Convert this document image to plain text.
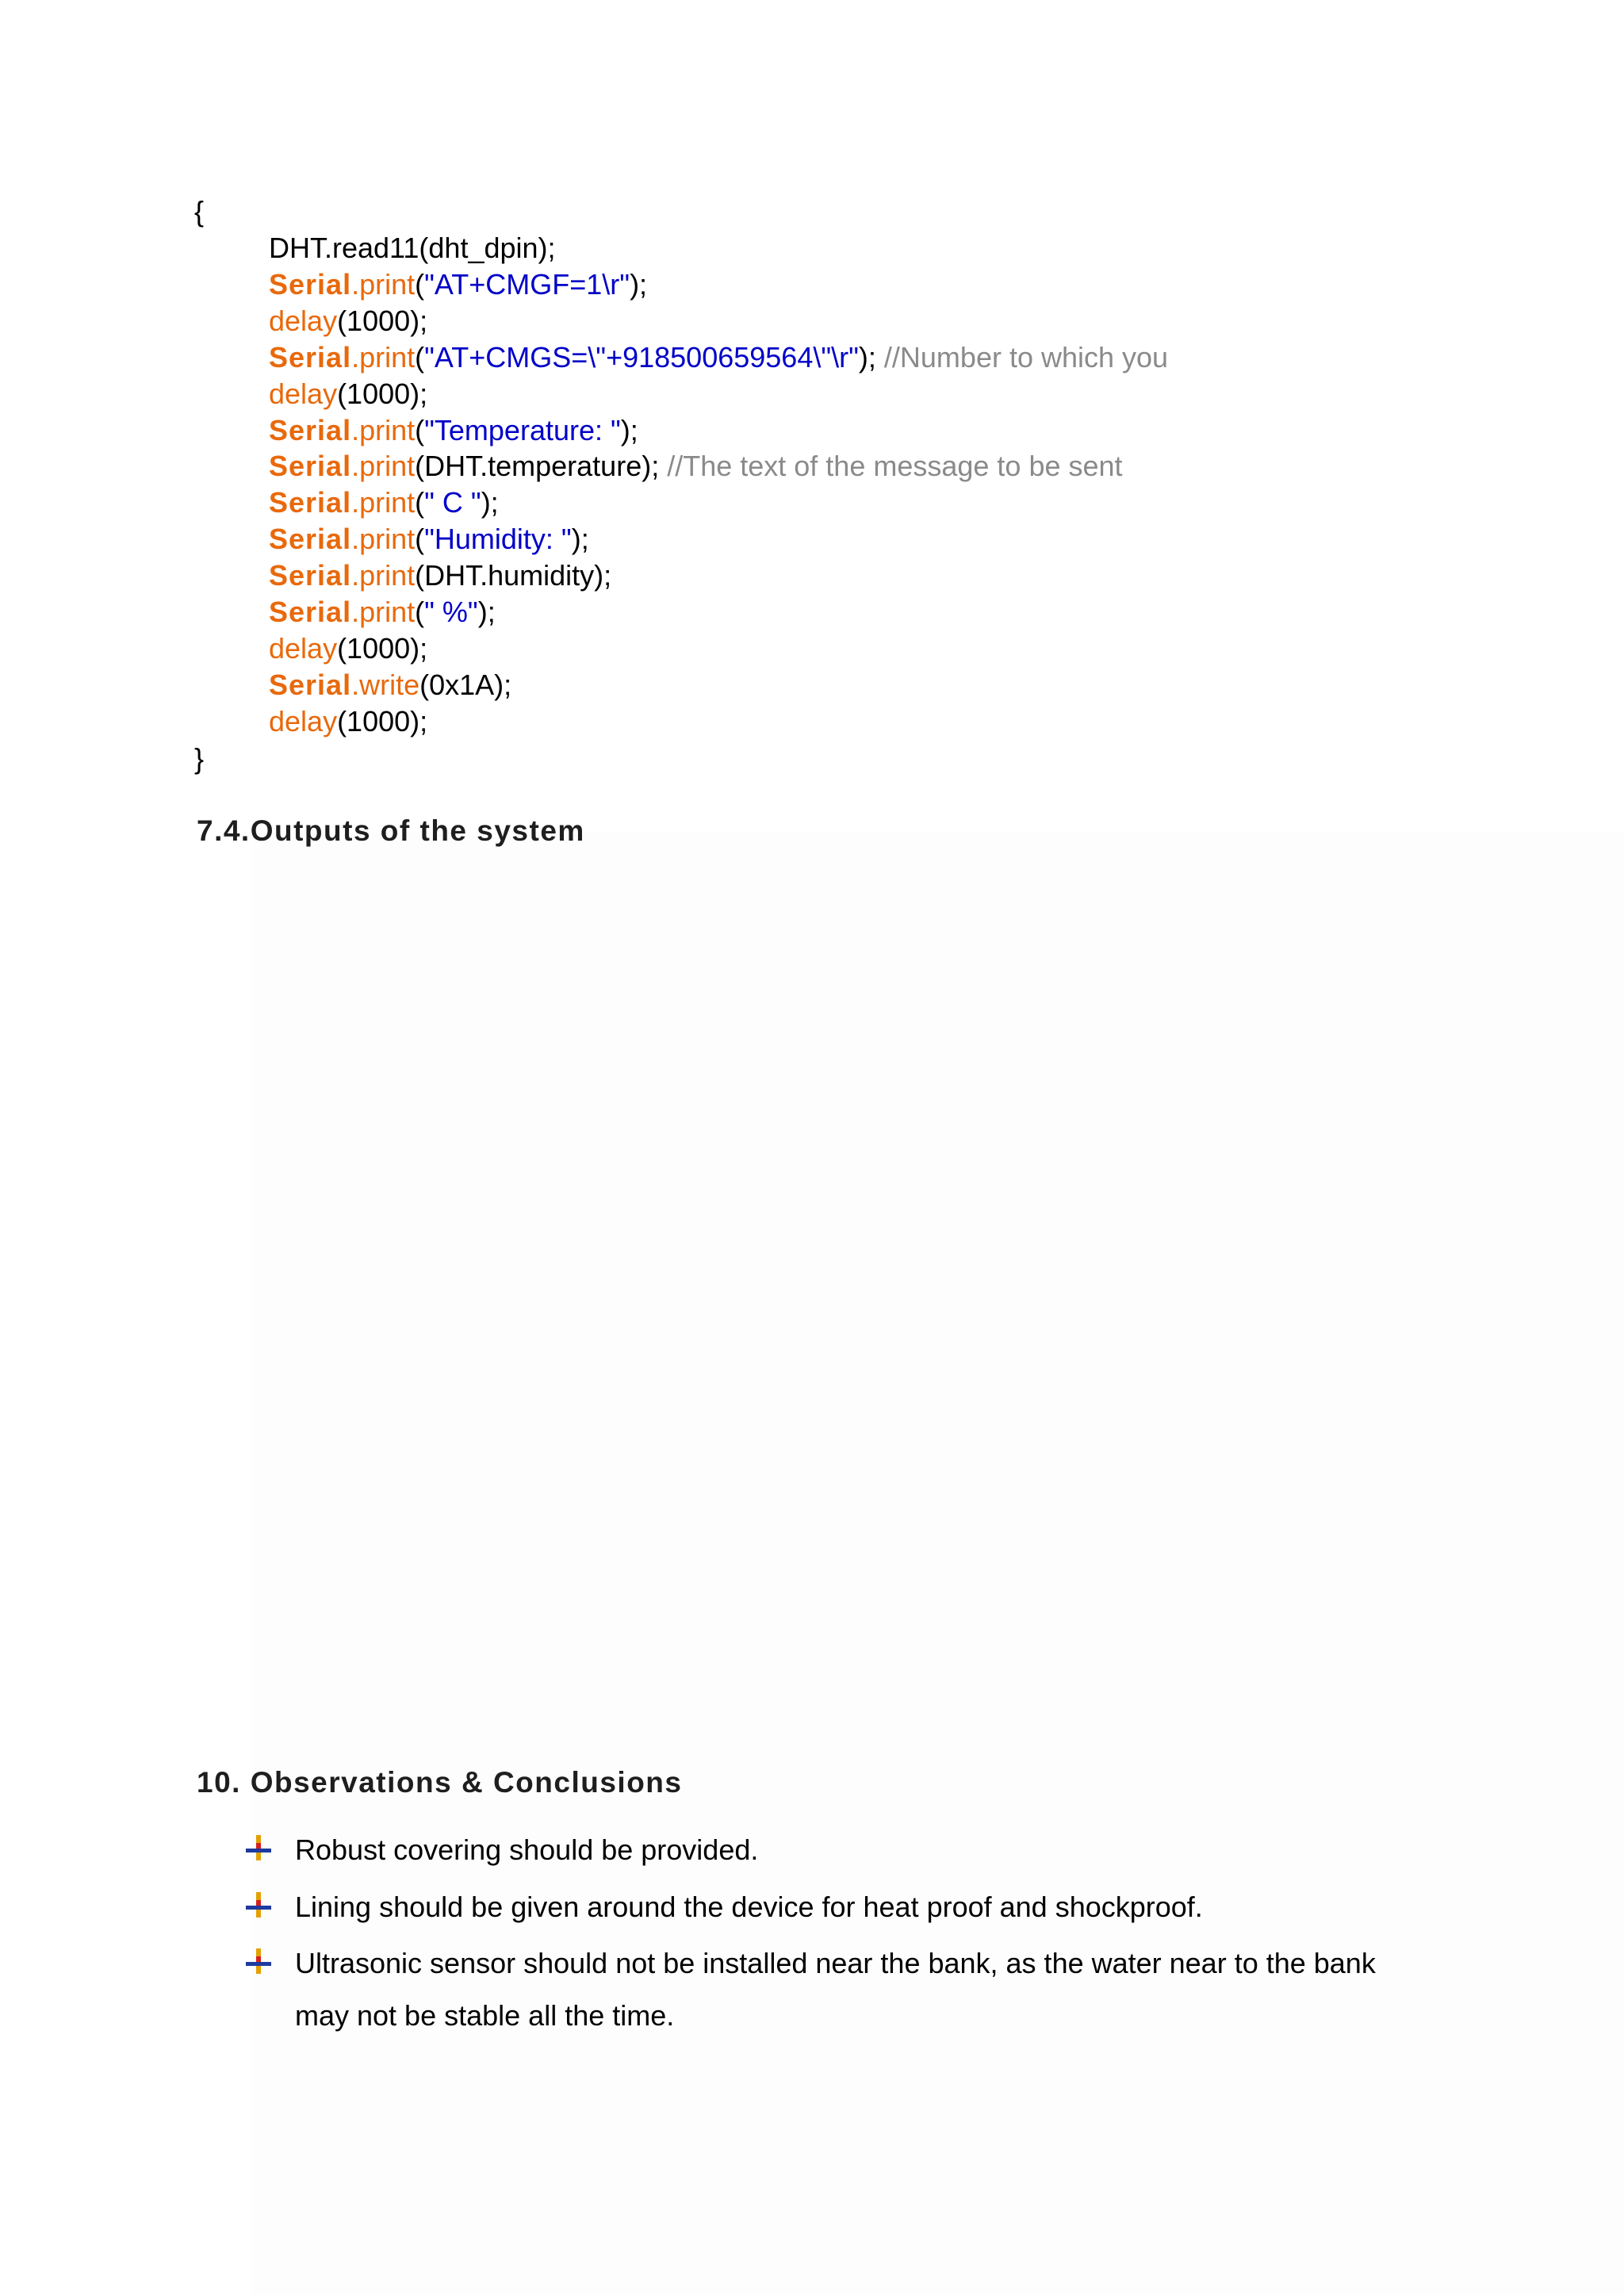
{
DHT.read11(dht_dpin);
Serial.print("AT+CMGF=1\r");
delay(1000);
Serial.print("AT+CMGS=\"+918500659564\"\r"); //Number to which you
delay(1000);
Serial.print("Temperature: ");
Serial.print(DHT.temperature); //The text of the message to be sent
Serial.print(" C ");
Serial.print("Humidity: ");
Serial.print(DHT.humidity);
Serial.print(" %");
delay(1000);
Serial.write(0x1A);
delay(1000);
}
7.4.Outputs of the system
10. Observations & Conclusions
Robust covering should be provided.
Lining should be given around the device for heat proof and shockproof.
Ultrasonic sensor should not be installed near the bank, as the water near to the bank
may not be stable all the time.
